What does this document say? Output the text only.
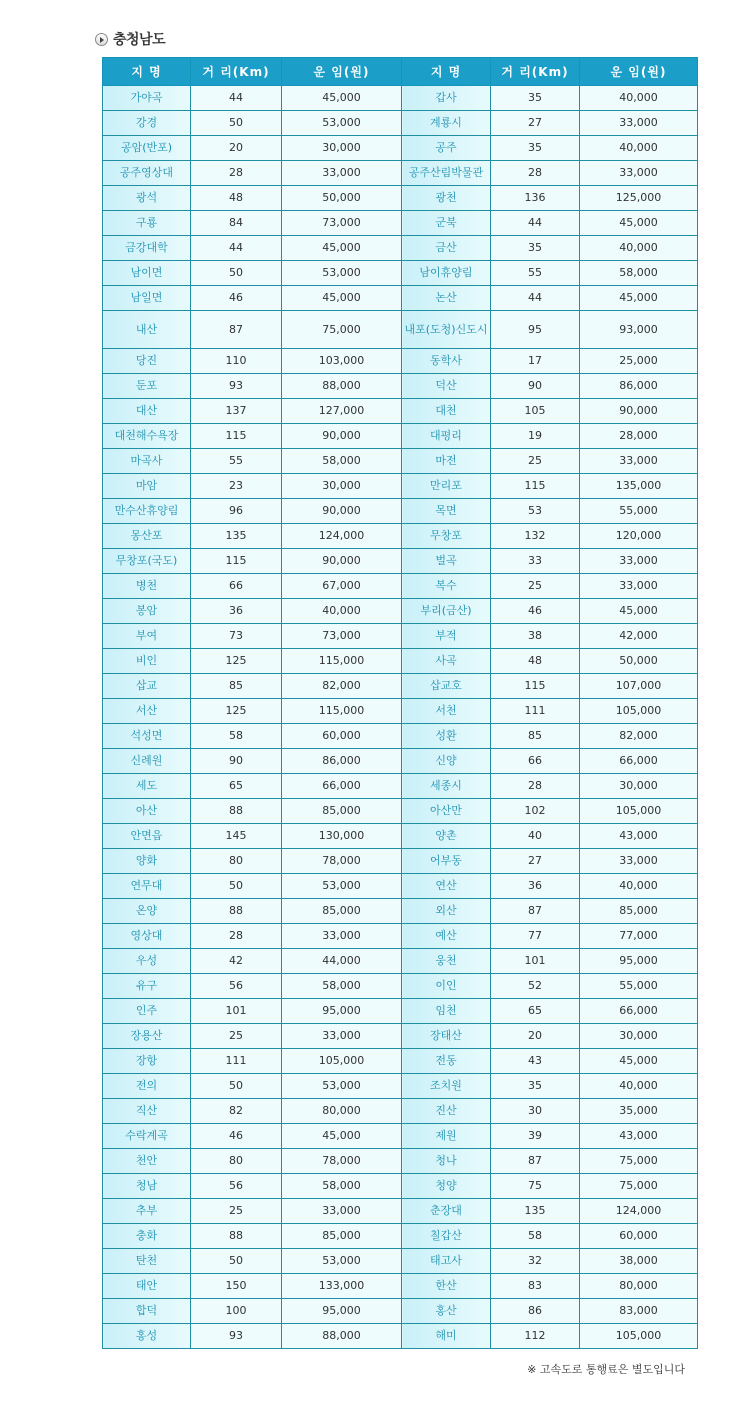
충청남도
지 명	거 리(Km)	운 임(원)	지 명	거 리(Km)	운 임(원)
가야곡	44	45,000	갑사	35	40,000
강경	50	53,000	계룡시	27	33,000
공암(반포)	20	30,000	공주	35	40,000
공주영상대	28	33,000	공주산림박물관	28	33,000
광석	48	50,000	광천	136	125,000
구룡	84	73,000	군북	44	45,000
금강대학	44	45,000	금산	35	40,000
남이면	50	53,000	남이휴양림	55	58,000
남일면	46	45,000	논산	44	45,000
내산	87	75,000	내포(도청)신도시	95	93,000
당진	110	103,000	동학사	17	25,000
둔포	93	88,000	덕산	90	86,000
대산	137	127,000	대천	105	90,000
대천해수욕장	115	90,000	대평리	19	28,000
마곡사	55	58,000	마전	25	33,000
마암	23	30,000	만리포	115	135,000
만수산휴양림	96	90,000	목면	53	55,000
몽산포	135	124,000	무창포	132	120,000
무창포(국도)	115	90,000	벌곡	33	33,000
병천	66	67,000	복수	25	33,000
봉암	36	40,000	부리(금산)	46	45,000
부여	73	73,000	부적	38	42,000
비인	125	115,000	사곡	48	50,000
삽교	85	82,000	삽교호	115	107,000
서산	125	115,000	서천	111	105,000
석성면	58	60,000	성환	85	82,000
신례원	90	86,000	신양	66	66,000
세도	65	66,000	세종시	28	30,000
아산	88	85,000	아산만	102	105,000
안면읍	145	130,000	양촌	40	43,000
양화	80	78,000	어부동	27	33,000
연무대	50	53,000	연산	36	40,000
온양	88	85,000	외산	87	85,000
영상대	28	33,000	예산	77	77,000
우성	42	44,000	웅천	101	95,000
유구	56	58,000	이인	52	55,000
인주	101	95,000	임천	65	66,000
장용산	25	33,000	장태산	20	30,000
장항	111	105,000	전동	43	45,000
전의	50	53,000	조치원	35	40,000
직산	82	80,000	진산	30	35,000
수락계곡	46	45,000	제원	39	43,000
천안	80	78,000	청나	87	75,000
청남	56	58,000	청양	75	75,000
추부	25	33,000	춘장대	135	124,000
충화	88	85,000	칠갑산	58	60,000
탄천	50	53,000	태고사	32	38,000
태안	150	133,000	한산	83	80,000
합덕	100	95,000	홍산	86	83,000
홍성	93	88,000	해미	112	105,000
※ 고속도로 통행료은 별도입니다
